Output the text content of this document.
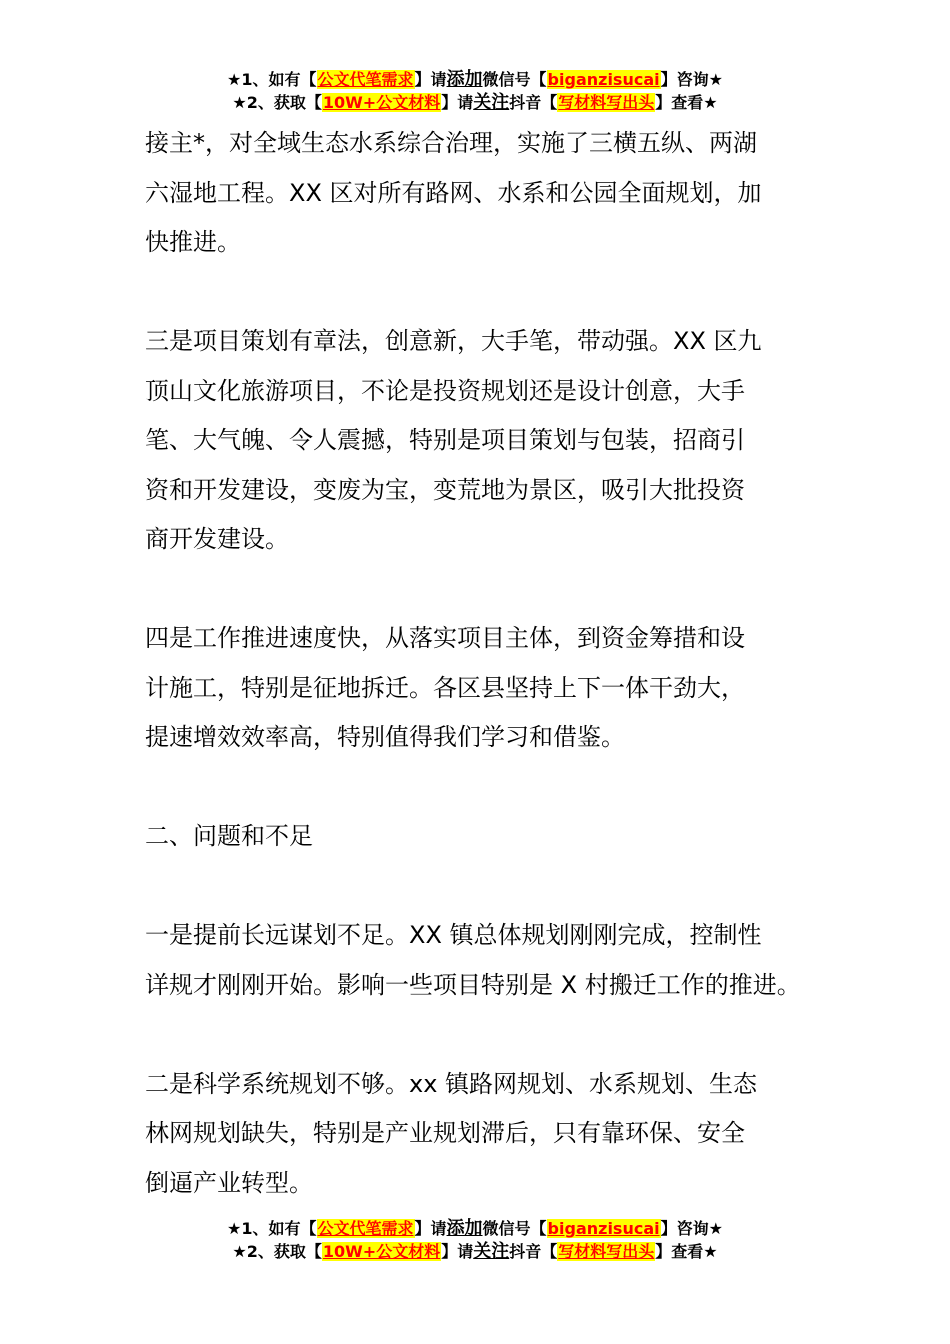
★1、如有【公文代笔需求】请添加微信号【biganzisucai】咨询★
★2、获取【10W+公文材料】请关注抖音【写材料写出头】查看★

接主*，对全域生态水系综合治理，实施了三横五纵、两湖
六湿地工程。XX 区对所有路网、水系和公园全面规划，加
快推进。

三是项目策划有章法，创意新，大手笔，带动强。XX 区九
顶山文化旅游项目，不论是投资规划还是设计创意，大手
笔、大气魄、令人震撼，特别是项目策划与包装，招商引
资和开发建设，变废为宝，变荒地为景区，吸引大批投资
商开发建设。

四是工作推进速度快，从落实项目主体，到资金筹措和设
计施工，特别是征地拆迁。各区县坚持上下一体干劲大，
提速增效效率高，特别值得我们学习和借鉴。

二、问题和不足

一是提前长远谋划不足。XX 镇总体规划刚刚完成，控制性
详规才刚刚开始。影响一些项目特别是 X 村搬迁工作的推进。

二是科学系统规划不够。xx 镇路网规划、水系规划、生态
林网规划缺失，特别是产业规划滞后，只有靠环保、安全
倒逼产业转型。

★1、如有【公文代笔需求】请添加微信号【biganzisucai】咨询★
★2、获取【10W+公文材料】请关注抖音【写材料写出头】查看★
